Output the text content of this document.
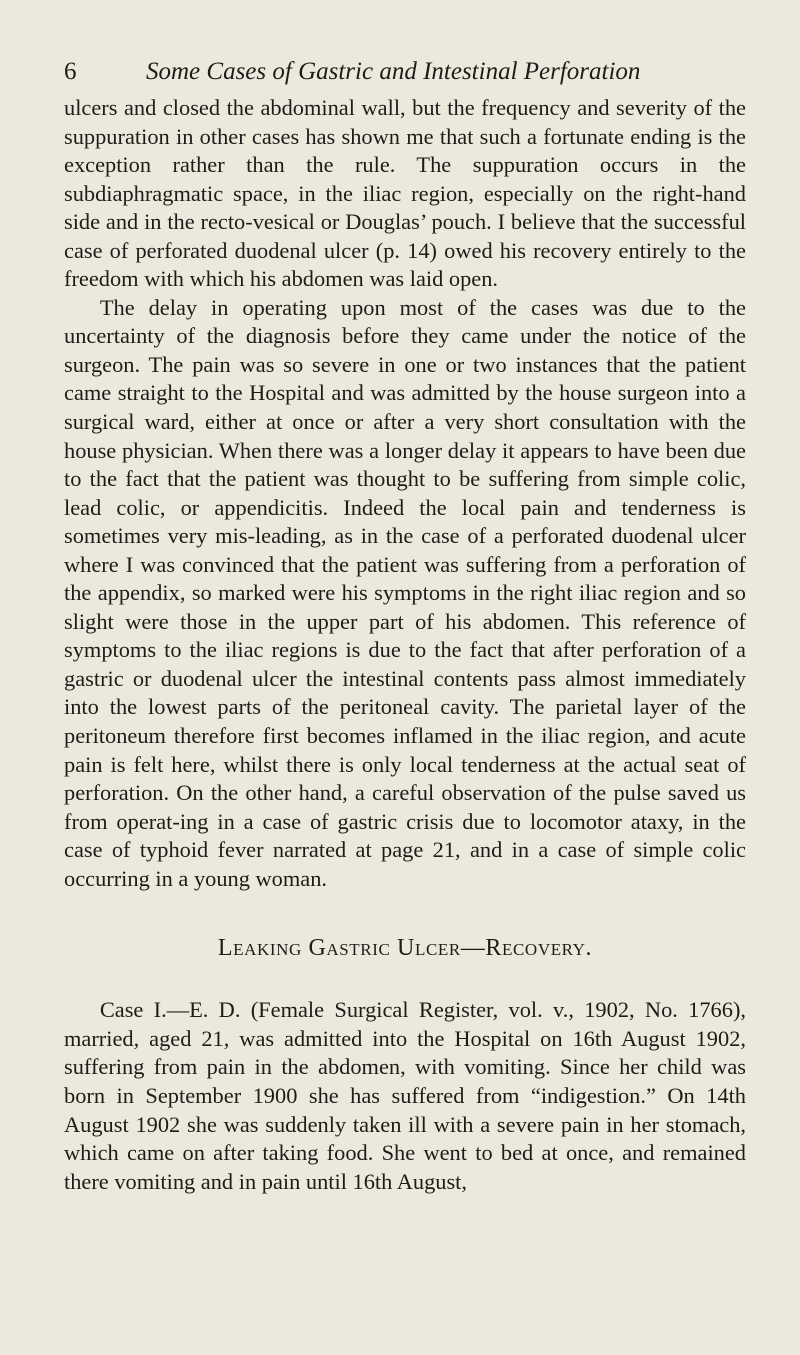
6	Some Cases of Gastric and Intestinal Perforation

ulcers and closed the abdominal wall, but the frequency and severity of the suppuration in other cases has shown me that such a fortunate ending is the exception rather than the rule. The suppuration occurs in the subdiaphragmatic space, in the iliac region, especially on the right-hand side and in the recto-vesical or Douglas’ pouch. I believe that the successful case of perforated duodenal ulcer (p. 14) owed his recovery entirely to the freedom with which his abdomen was laid open.

The delay in operating upon most of the cases was due to the uncertainty of the diagnosis before they came under the notice of the surgeon. The pain was so severe in one or two instances that the patient came straight to the Hospital and was admitted by the house surgeon into a surgical ward, either at once or after a very short consultation with the house physician. When there was a longer delay it appears to have been due to the fact that the patient was thought to be suffering from simple colic, lead colic, or appendicitis. Indeed the local pain and tenderness is sometimes very mis-leading, as in the case of a perforated duodenal ulcer where I was convinced that the patient was suffering from a perforation of the appendix, so marked were his symptoms in the right iliac region and so slight were those in the upper part of his abdomen. This reference of symptoms to the iliac regions is due to the fact that after perforation of a gastric or duodenal ulcer the intestinal contents pass almost immediately into the lowest parts of the peritoneal cavity. The parietal layer of the peritoneum therefore first becomes inflamed in the iliac region, and acute pain is felt here, whilst there is only local tenderness at the actual seat of perforation. On the other hand, a careful observation of the pulse saved us from operat-ing in a case of gastric crisis due to locomotor ataxy, in the case of typhoid fever narrated at page 21, and in a case of simple colic occurring in a young woman.

Leaking Gastric Ulcer—Recovery.

Case I.—E. D. (Female Surgical Register, vol. v., 1902, No. 1766), married, aged 21, was admitted into the Hospital on 16th August 1902, suffering from pain in the abdomen, with vomiting. Since her child was born in September 1900 she has suffered from “indigestion.” On 14th August 1902 she was suddenly taken ill with a severe pain in her stomach, which came on after taking food. She went to bed at once, and remained there vomiting and in pain until 16th August,
